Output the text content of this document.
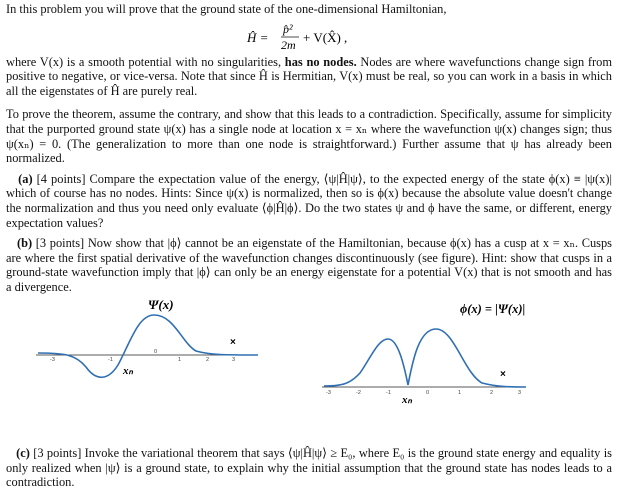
In this problem you will prove that the ground state of the one-dimensional Hamiltonian,

Ĥ =
p̂²
2m + V(X̂) ,

where V(x) is a smooth potential with no singularities, has no nodes. Nodes are where wavefunctions change sign from positive to negative, or vice-versa. Note that since Ĥ is Hermitian, V(x) must be real, so you can work in a basis in which all the eigenstates of Ĥ are purely real.

To prove the theorem, assume the contrary, and show that this leads to a contradiction. Specifically, assume for simplicity that the purported ground state ψ(x) has a single node at location x = xₙ where the wavefunction ψ(x) changes sign; thus ψ(xₙ) = 0. (The generalization to more than one node is straightforward.) Further assume that ψ has already been normalized.

(a) [4 points] Compare the expectation value of the energy, ⟨ψ|Ĥ|ψ⟩, to the expected energy of the state ϕ(x) ≡ |ψ(x)| which of course has no nodes. Hints: Since ψ(x) is normalized, then so is ϕ(x) because the absolute value doesn't change the normalization and thus you need only evaluate ⟨ϕ|Ĥ|ϕ⟩. Do the two states ψ and ϕ have the same, or different, energy expectation values?

(b) [3 points] Now show that |ϕ⟩ cannot be an eigenstate of the Hamiltonian, because ϕ(x) has a cusp at x = xₙ. Cusps are where the first spatial derivative of the wavefunction changes discontinuously (see figure). Hint: show that cusps in a ground-state wavefunction imply that |ϕ⟩ can only be an energy eigenstate for a potential V(x) that is not smooth and has a divergence.

Ψ(x)
-3	-1
0
1	2	3
×
xₙ
ϕ(x) = |Ψ(x)|
-3	-2	-1	0	1	2	3
×
xₙ

(c) [3 points] Invoke the variational theorem that says ⟨ψ|Ĥ|ψ⟩ ≥ E₀, where E₀ is the ground state energy and equality is only realized when |ψ⟩ is a ground state, to explain why the initial assumption that the ground state has nodes leads to a contradiction.
